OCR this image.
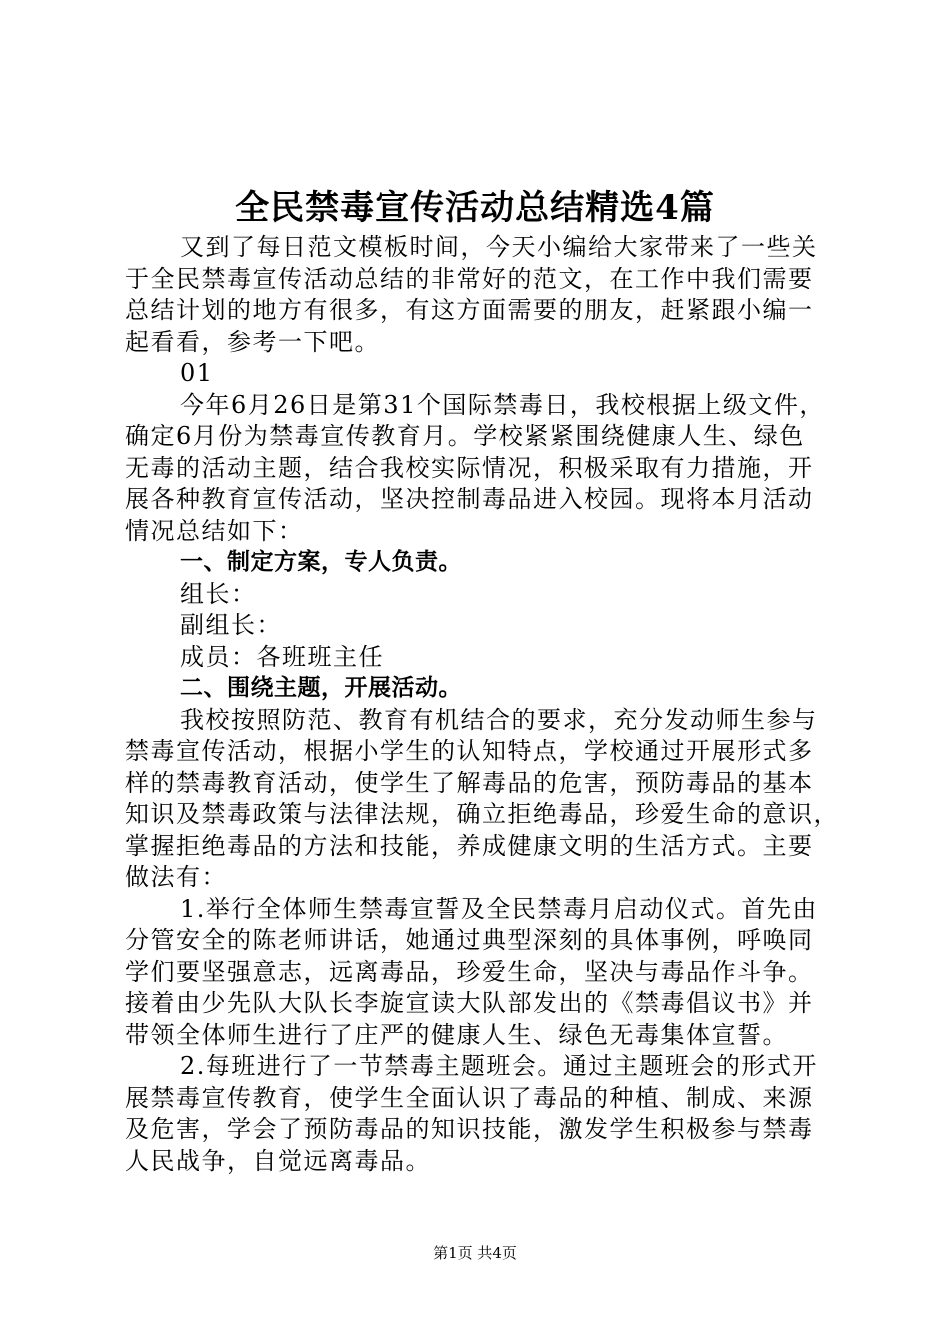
全民禁毒宣传活动总结精选4篇
又到了每日范文模板时间，今天小编给大家带来了一些关
于全民禁毒宣传活动总结的非常好的范文，在工作中我们需要
总结计划的地方有很多，有这方面需要的朋友，赶紧跟小编一
起看看，参考一下吧。
01
今年6月26日是第31个国际禁毒日，我校根据上级文件，
确定6月份为禁毒宣传教育月。学校紧紧围绕健康人生、绿色
无毒的活动主题，结合我校实际情况，积极采取有力措施，开
展各种教育宣传活动，坚决控制毒品进入校园。现将本月活动
情况总结如下：
一、制定方案，专人负责。
组长：
副组长：
成员：各班班主任
二、围绕主题，开展活动。
我校按照防范、教育有机结合的要求，充分发动师生参与
禁毒宣传活动，根据小学生的认知特点，学校通过开展形式多
样的禁毒教育活动，使学生了解毒品的危害，预防毒品的基本
知识及禁毒政策与法律法规，确立拒绝毒品，珍爱生命的意识，
掌握拒绝毒品的方法和技能，养成健康文明的生活方式。主要
做法有：
1.举行全体师生禁毒宣誓及全民禁毒月启动仪式。首先由
分管安全的陈老师讲话，她通过典型深刻的具体事例，呼唤同
学们要坚强意志，远离毒品，珍爱生命，坚决与毒品作斗争。
接着由少先队大队长李旋宣读大队部发出的《禁毒倡议书》并
带领全体师生进行了庄严的健康人生、绿色无毒集体宣誓。
2.每班进行了一节禁毒主题班会。通过主题班会的形式开
展禁毒宣传教育，使学生全面认识了毒品的种植、制成、来源
及危害，学会了预防毒品的知识技能，激发学生积极参与禁毒
人民战争，自觉远离毒品。
第1页 共4页
